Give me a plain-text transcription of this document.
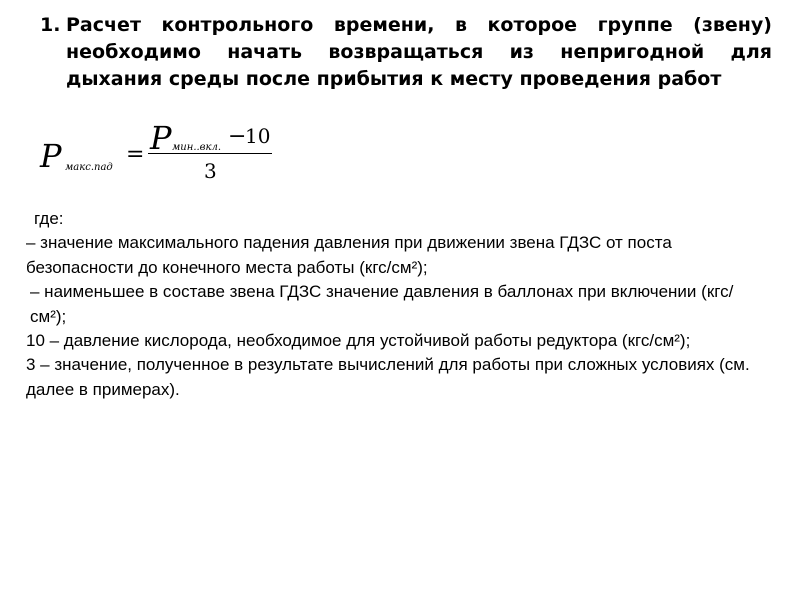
1. Расчет контрольного времени, в которое группе (звену) необходимо начать возвращаться из непригодной для дыхания среды после прибытия к месту проведения работ
P макс.пад
= P мин..вкл. −
10
3
где:
– значение максимального падения давления при движении звена ГДЗС от поста безопасности до конечного места работы (кгс/см²);
– наименьшее в составе звена ГДЗС значение давления в баллонах при включении (кгс/см²);
10 – давление кислорода, необходимое для устойчивой работы редуктора (кгс/см²);
3 – значение, полученное в результате вычислений для работы при сложных условиях (см. далее в примерах).
